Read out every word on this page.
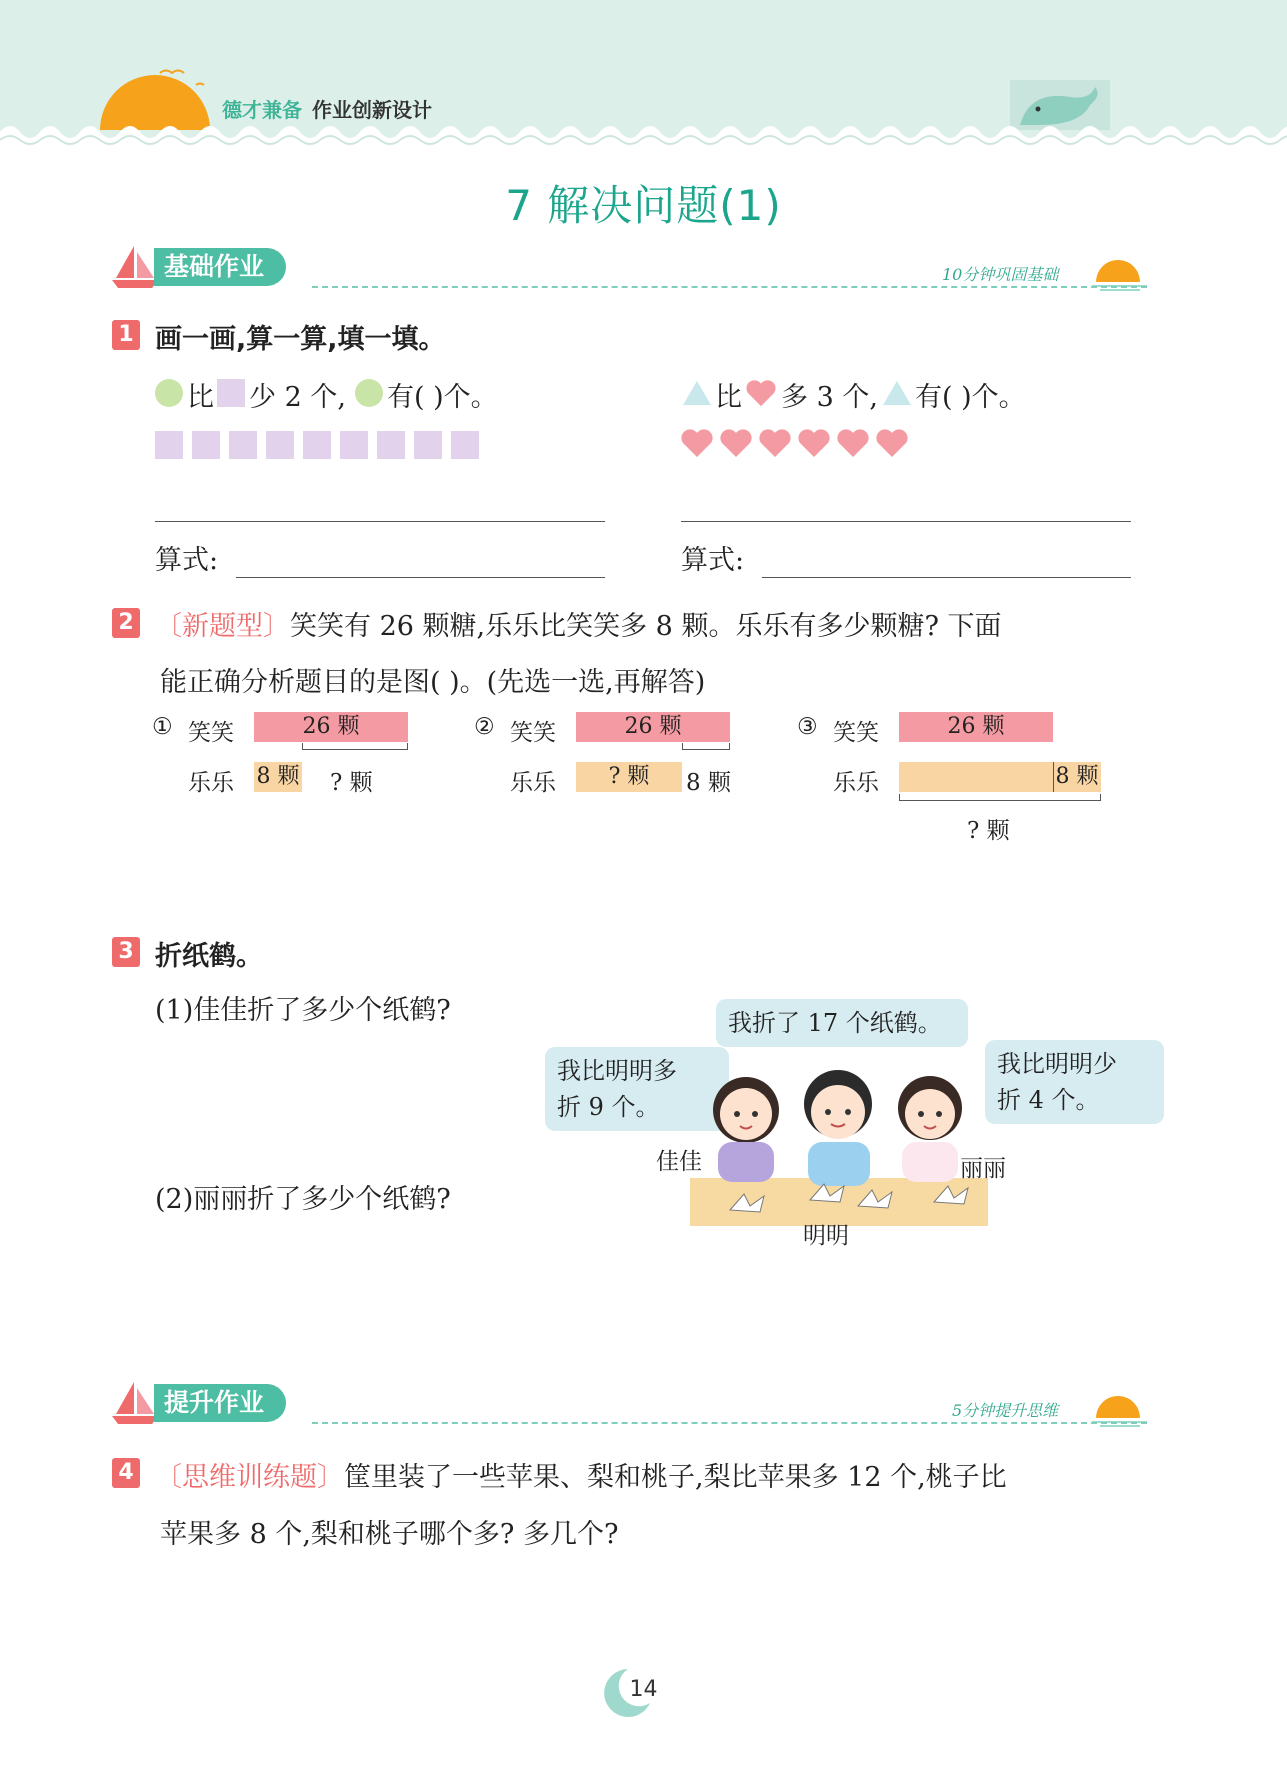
德才兼备 作业创新设计
7 解决问题(1)
基础作业	10分钟巩固基础
1 画一画,算一算,填一填。
比 少 2 个, 有( )个。
算式:
比 多 3 个, 有( )个。
算式:
2 〔新题型〕笑笑有 26 颗糖,乐乐比笑笑多 8 颗。乐乐有多少颗糖? 下面
能正确分析题目的是图( )。(先选一选,再解答)
① 笑笑	26 颗
乐乐 8 颗 ? 颗
② 笑笑	26 颗
乐乐	? 颗	8 颗
③ 笑笑	26 颗
乐乐	8 颗
? 颗
3 折纸鹤。
(1)佳佳折了多少个纸鹤?
(2)丽丽折了多少个纸鹤?
我折了 17 个纸鹤。
我比明明多
折 9 个。
我比明明少
折 4 个。
佳佳	丽丽
明明
提升作业	5分钟提升思维
4 〔思维训练题〕筐里装了一些苹果、梨和桃子,梨比苹果多 12 个,桃子比
苹果多 8 个,梨和桃子哪个多? 多几个?
14
